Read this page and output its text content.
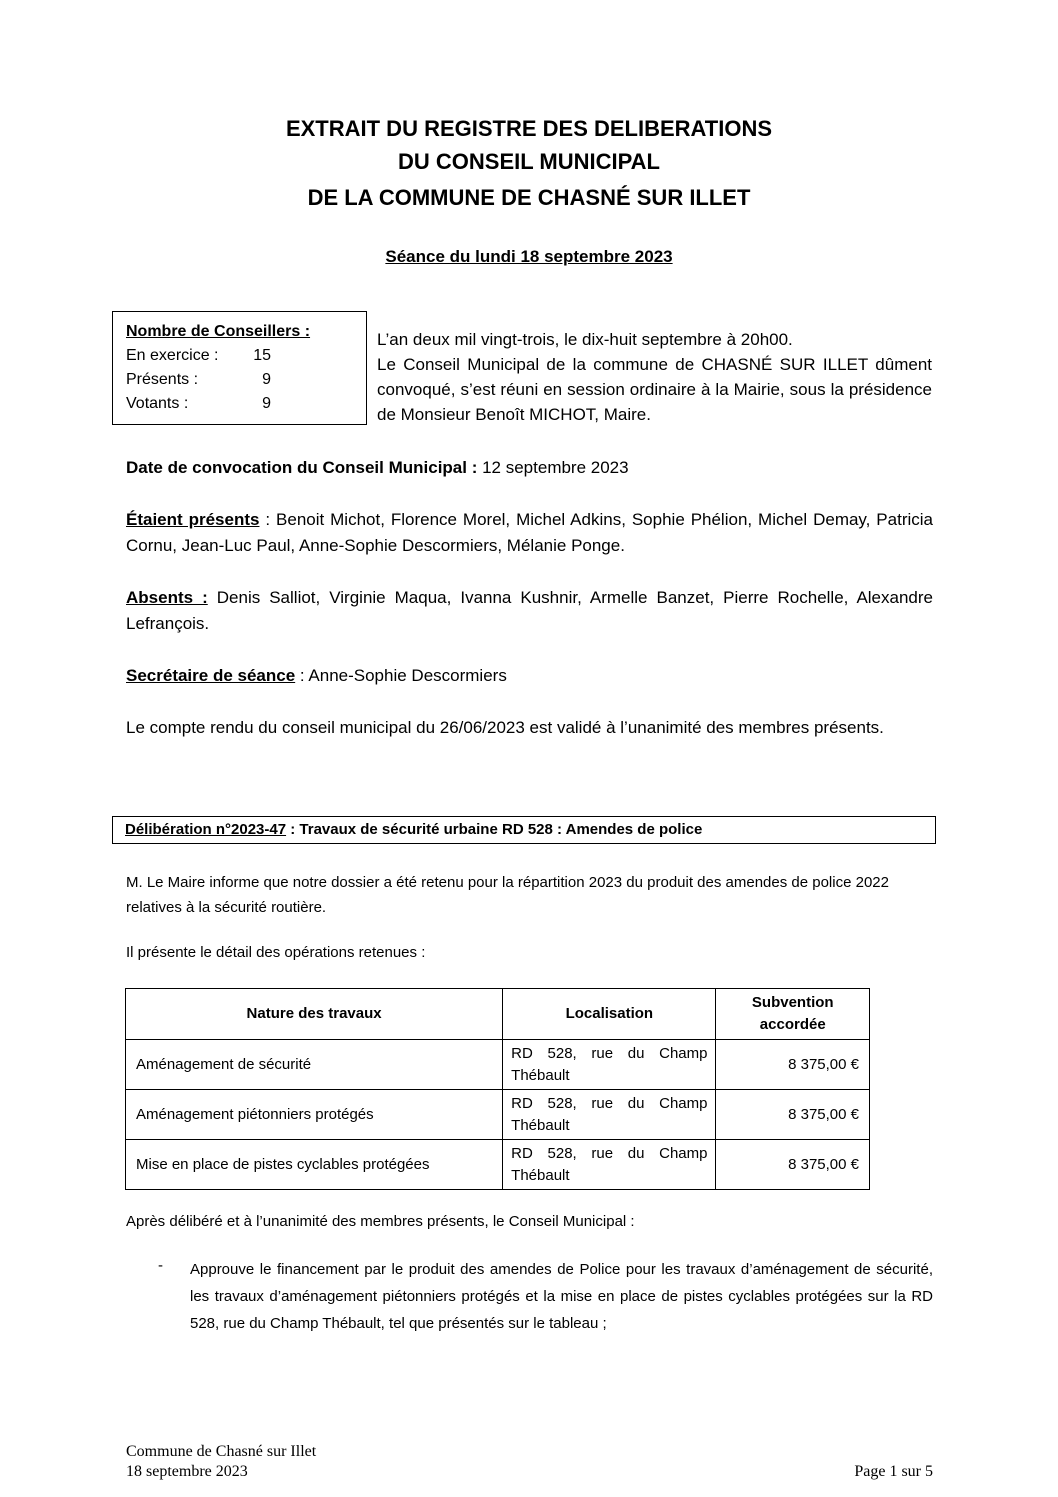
EXTRAIT DU REGISTRE DES DELIBERATIONS
DU CONSEIL MUNICIPAL
DE LA COMMUNE DE CHASNÉ SUR ILLET
Séance du lundi 18 septembre 2023
Nombre de Conseillers :
En exercice :	15
Présents :	9
Votants :	9
L’an deux mil vingt-trois, le dix-huit septembre à 20h00.
Le Conseil Municipal de la commune de CHASNÉ SUR ILLET dûment convoqué, s’est réuni en session ordinaire à la Mairie, sous la présidence de Monsieur Benoît MICHOT, Maire.
Date de convocation du Conseil Municipal : 12 septembre 2023
Étaient présents : Benoit Michot, Florence Morel, Michel Adkins, Sophie Phélion, Michel Demay, Patricia Cornu, Jean-Luc Paul, Anne-Sophie Descormiers, Mélanie Ponge.
Absents : Denis Salliot, Virginie Maqua, Ivanna Kushnir, Armelle Banzet, Pierre Rochelle, Alexandre Lefrançois.
Secrétaire de séance : Anne-Sophie Descormiers
Le compte rendu du conseil municipal du 26/06/2023 est validé à l’unanimité des membres présents.
Délibération n°2023-47 : Travaux de sécurité urbaine RD 528 : Amendes de police
M. Le Maire informe que notre dossier a été retenu pour la répartition 2023 du produit des amendes de police 2022 relatives à la sécurité routière.
Il présente le détail des opérations retenues :
Nature des travaux	Localisation	Subvention accordée
Aménagement de sécurité	RD 528, rue du Champ Thébault	8 375,00 €
Aménagement piétonniers protégés	RD 528, rue du Champ Thébault	8 375,00 €
Mise en place de pistes cyclables protégées	RD 528, rue du Champ Thébault	8 375,00 €
Après délibéré et à l’unanimité des membres présents, le Conseil Municipal :
- Approuve le financement par le produit des amendes de Police pour les travaux d’aménagement de sécurité, les travaux d’aménagement piétonniers protégés et la mise en place de pistes cyclables protégées sur la RD 528, rue du Champ Thébault, tel que présentés sur le tableau ;
Commune de Chasné sur Illet
18 septembre 2023	Page 1 sur 5
